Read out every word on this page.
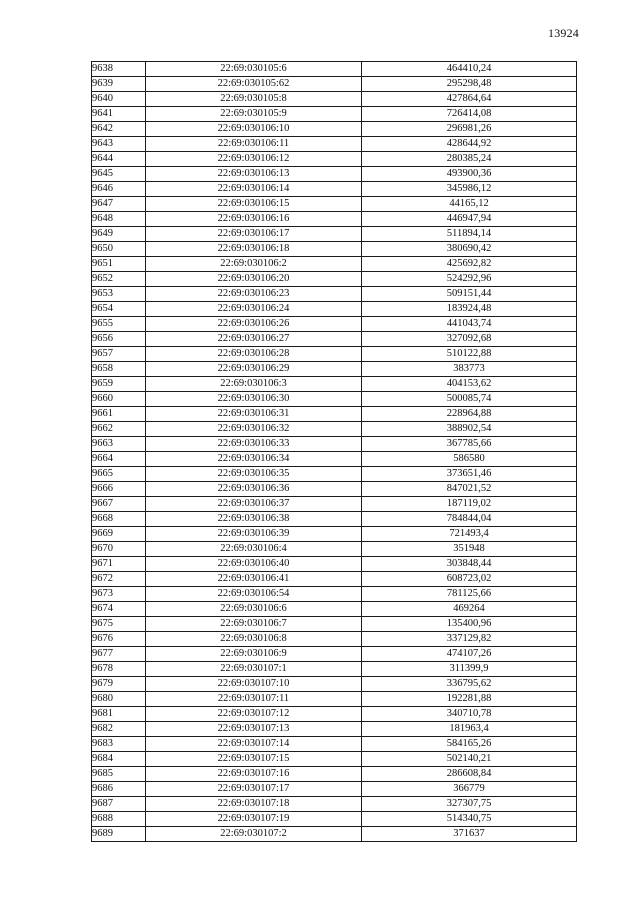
13924
9638	22:69:030105:6	464410,24
9639	22:69:030105:62	295298,48
9640	22:69:030105:8	427864,64
9641	22:69:030105:9	726414,08
9642	22:69:030106:10	296981,26
9643	22:69:030106:11	428644,92
9644	22:69:030106:12	280385,24
9645	22:69:030106:13	493900,36
9646	22:69:030106:14	345986,12
9647	22:69:030106:15	44165,12
9648	22:69:030106:16	446947,94
9649	22:69:030106:17	511894,14
9650	22:69:030106:18	380690,42
9651	22:69:030106:2	425692,82
9652	22:69:030106:20	524292,96
9653	22:69:030106:23	509151,44
9654	22:69:030106:24	183924,48
9655	22:69:030106:26	441043,74
9656	22:69:030106:27	327092,68
9657	22:69:030106:28	510122,88
9658	22:69:030106:29	383773
9659	22:69:030106:3	404153,62
9660	22:69:030106:30	500085,74
9661	22:69:030106:31	228964,88
9662	22:69:030106:32	388902,54
9663	22:69:030106:33	367785,66
9664	22:69:030106:34	586580
9665	22:69:030106:35	373651,46
9666	22:69:030106:36	847021,52
9667	22:69:030106:37	187119,02
9668	22:69:030106:38	784844,04
9669	22:69:030106:39	721493,4
9670	22:69:030106:4	351948
9671	22:69:030106:40	303848,44
9672	22:69:030106:41	608723,02
9673	22:69:030106:54	781125,66
9674	22:69:030106:6	469264
9675	22:69:030106:7	135400,96
9676	22:69:030106:8	337129,82
9677	22:69:030106:9	474107,26
9678	22:69:030107:1	311399,9
9679	22:69:030107:10	336795,62
9680	22:69:030107:11	192281,88
9681	22:69:030107:12	340710,78
9682	22:69:030107:13	181963,4
9683	22:69:030107:14	584165,26
9684	22:69:030107:15	502140,21
9685	22:69:030107:16	286608,84
9686	22:69:030107:17	366779
9687	22:69:030107:18	327307,75
9688	22:69:030107:19	514340,75
9689	22:69:030107:2	371637
